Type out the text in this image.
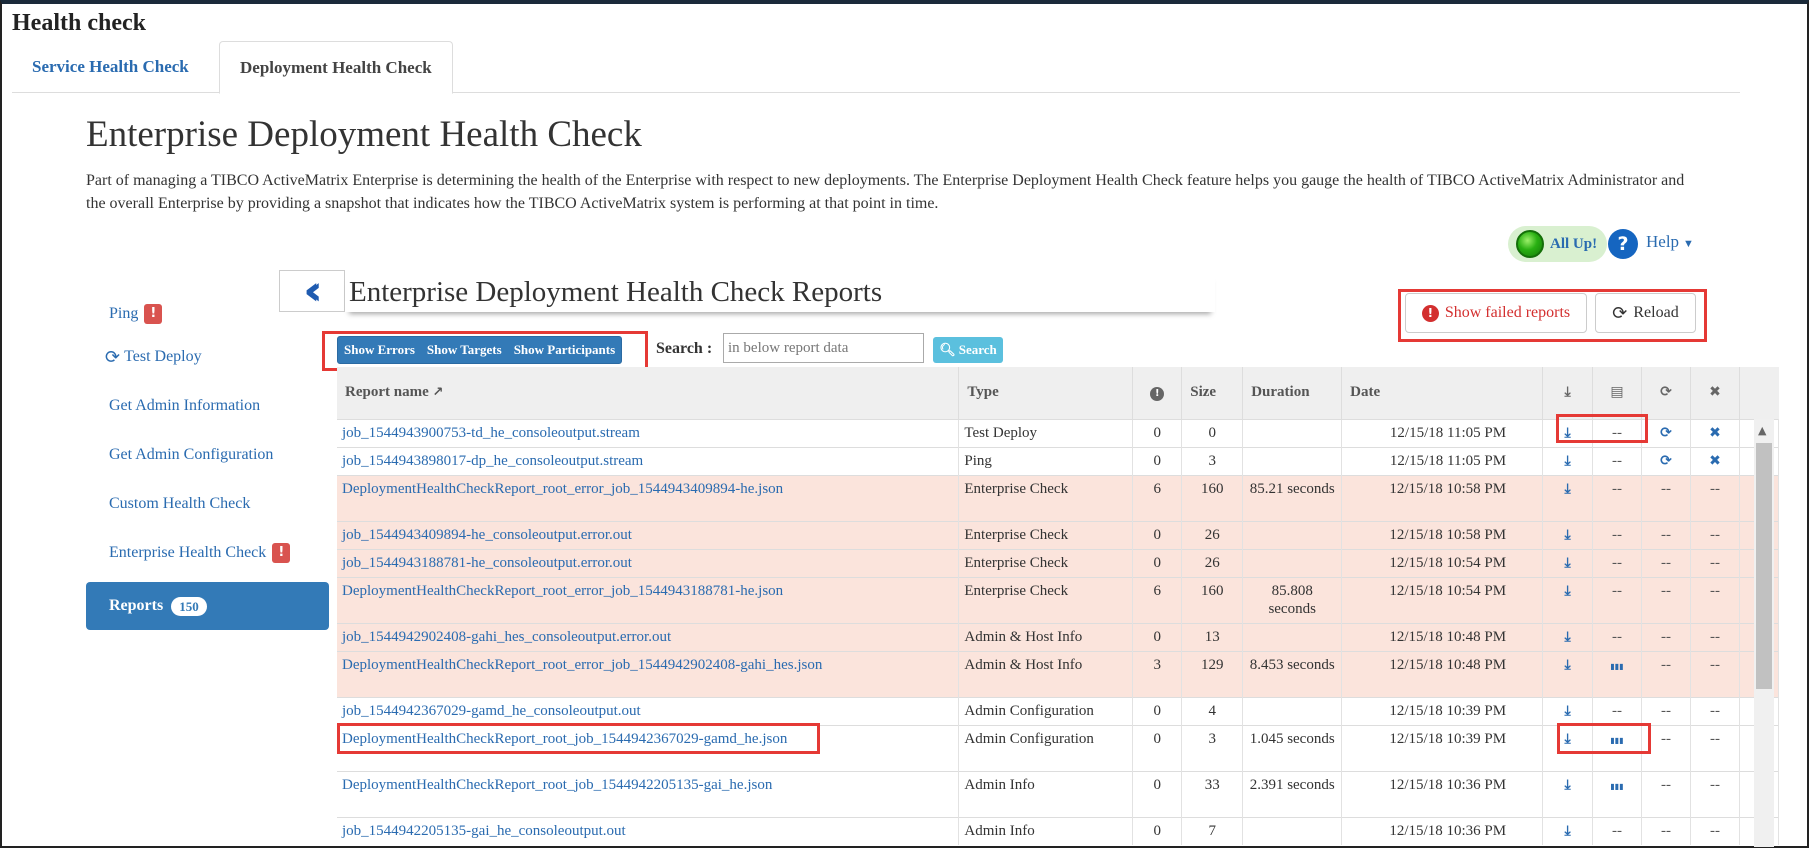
Health check
Service Health Check	Deployment Health Check
Enterprise Deployment Health Check
Part of managing a TIBCO ActiveMatrix Enterprise is determining the health of the Enterprise with respect to new deployments. The Enterprise Deployment Health Check feature helps you gauge the health of TIBCO ActiveMatrix Administrator and the overall Enterprise by providing a snapshot that indicates how the TIBCO ActiveMatrix system is performing at that point in time.
All Up!	?	Help ▼
Ping !
⟳ Test Deploy
Get Admin Information
Get Admin Configuration
Custom Health Check
Enterprise Health Check !
Reports	150
‹‹ Enterprise Deployment Health Check Reports
! Show failed reports ⟳ Reload
Show Errors Show Targets Show Participants	Search :
in below report data	🔍︎ Search
Report name ↗	Type	!	Size	Duration	Date	⤓	▤	⟳	✖	
job_1544943900753-td_he_consoleoutput.stream	Test Deploy	0	0		12/15/18 11:05 PM	⤓	--	⟳	✖	
job_1544943898017-dp_he_consoleoutput.stream	Ping	0	3		12/15/18 11:05 PM	⤓	--	⟳	✖	
DeploymentHealthCheckReport_root_error_job_1544943409894-he.json	Enterprise Check	6	160	85.21 seconds	12/15/18 10:58 PM	⤓	--	--	--	
job_1544943409894-he_consoleoutput.error.out	Enterprise Check	0	26		12/15/18 10:58 PM	⤓	--	--	--	
job_1544943188781-he_consoleoutput.error.out	Enterprise Check	0	26		12/15/18 10:54 PM	⤓	--	--	--	
DeploymentHealthCheckReport_root_error_job_1544943188781-he.json	Enterprise Check	6	160	85.808 seconds	12/15/18 10:54 PM	⤓	--	--	--	
job_1544942902408-gahi_hes_consoleoutput.error.out	Admin & Host Info	0	13		12/15/18 10:48 PM	⤓	--	--	--	
DeploymentHealthCheckReport_root_error_job_1544942902408-gahi_hes.json	Admin & Host Info	3	129	8.453 seconds	12/15/18 10:48 PM	⤓	▮▮▮	--	--	
job_1544942367029-gamd_he_consoleoutput.out	Admin Configuration	0	4		12/15/18 10:39 PM	⤓	--	--	--	
DeploymentHealthCheckReport_root_job_1544942367029-gamd_he.json	Admin Configuration	0	3	1.045 seconds	12/15/18 10:39 PM	⤓	▮▮▮	--	--	
DeploymentHealthCheckReport_root_job_1544942205135-gai_he.json	Admin Info	0	33	2.391 seconds	12/15/18 10:36 PM	⤓	▮▮▮	--	--	
job_1544942205135-gai_he_consoleoutput.out	Admin Info	0	7		12/15/18 10:36 PM	⤓	--	--	--	
▲
